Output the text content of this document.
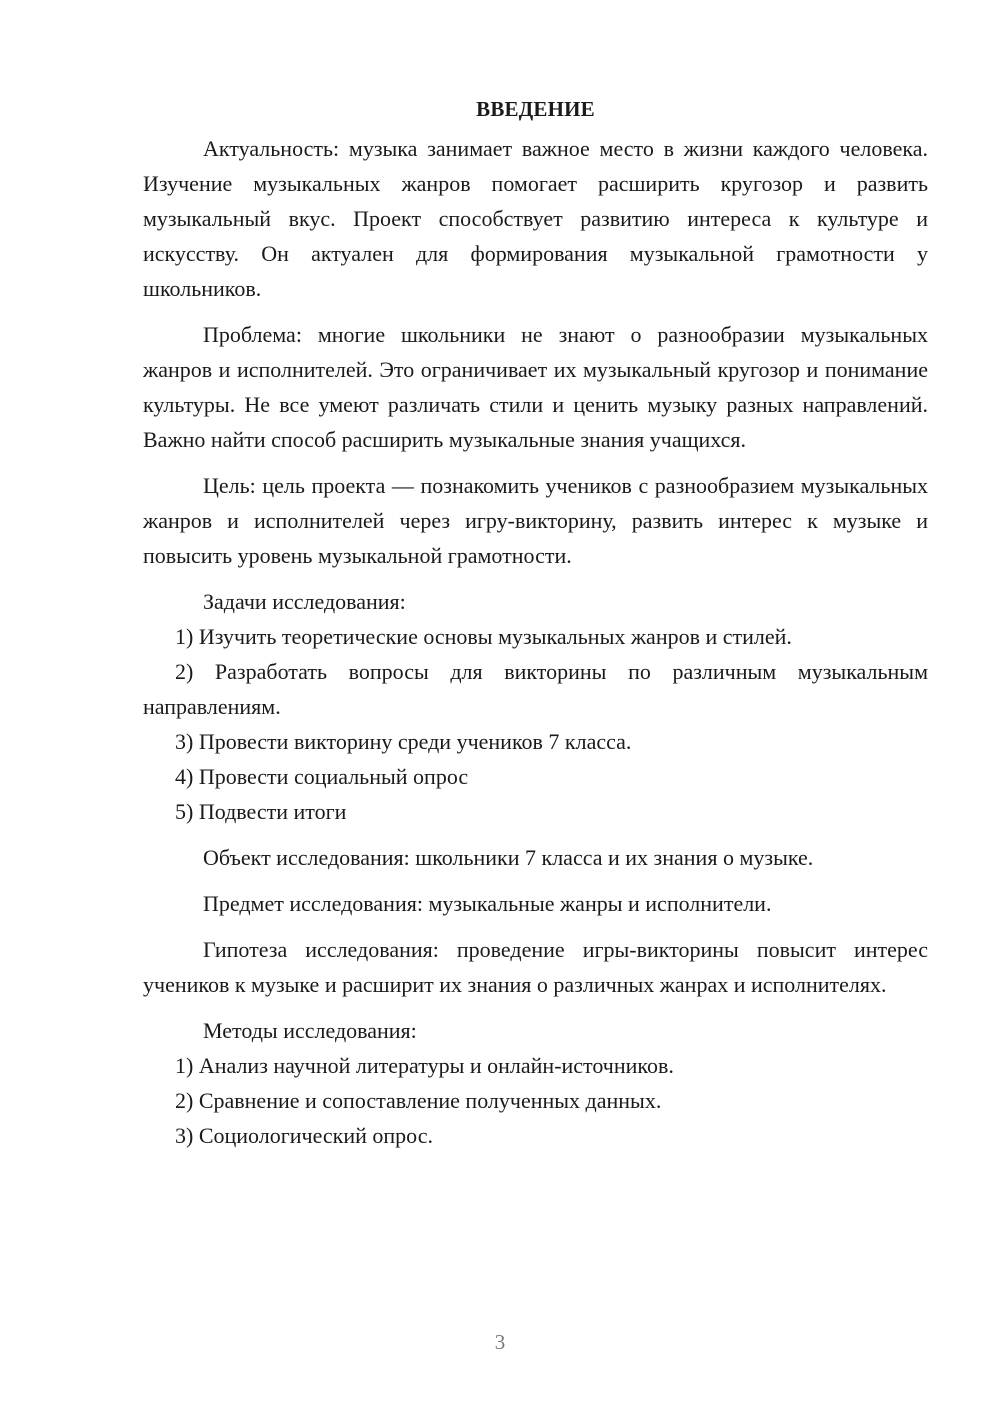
ВВЕДЕНИЕ

Актуальность: музыка занимает важное место в жизни каждого человека. Изучение музыкальных жанров помогает расширить кругозор и развить музыкальный вкус. Проект способствует развитию интереса к культуре и искусству. Он актуален для формирования музыкальной грамотности у школьников.

Проблема: многие школьники не знают о разнообразии музыкальных жанров и исполнителей. Это ограничивает их музыкальный кругозор и понимание культуры. Не все умеют различать стили и ценить музыку разных направлений. Важно найти способ расширить музыкальные знания учащихся.

Цель: цель проекта — познакомить учеников с разнообразием музыкальных жанров и исполнителей через игру-викторину, развить интерес к музыке и повысить уровень музыкальной грамотности.

Задачи исследования:

1) Изучить теоретические основы музыкальных жанров и стилей.

2) Разработать вопросы для викторины по различным музыкальным направлениям.

3) Провести викторину среди учеников 7 класса.

4) Провести социальный опрос

5) Подвести итоги

Объект исследования: школьники 7 класса и их знания о музыке.

Предмет исследования: музыкальные жанры и исполнители.

Гипотеза исследования: проведение игры-викторины повысит интерес учеников к музыке и расширит их знания о различных жанрах и исполнителях.

Методы исследования:

1) Анализ научной литературы и онлайн-источников.

2) Сравнение и сопоставление полученных данных.

3) Социологический опрос.

3
